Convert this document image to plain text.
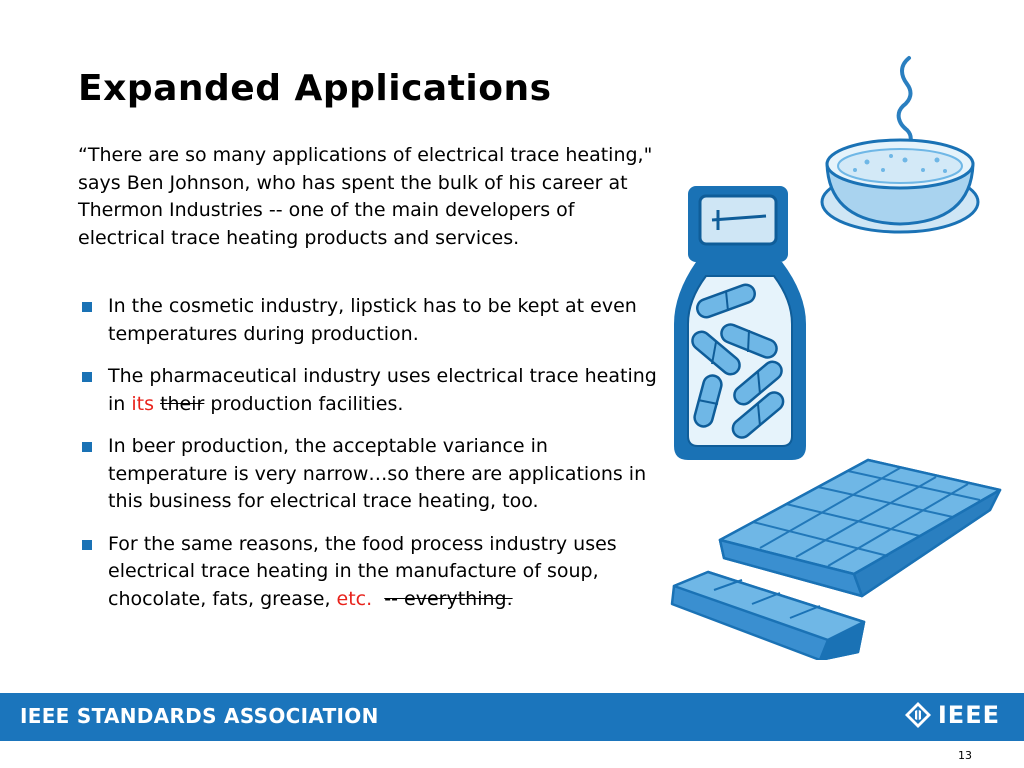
Expanded Applications

“There are so many applications of electrical trace heating," says Ben Johnson, who has spent the bulk of his career at Thermon Industries -- one of the main developers of electrical trace heating products and services.

In the cosmetic industry, lipstick has to be kept at even temperatures during production.
The pharmaceutical industry uses electrical trace heating in its their production facilities.
In beer production, the acceptable variance in temperature is very narrow…so there are applications in this business for electrical trace heating, too.
For the same reasons, the food process industry uses electrical trace heating in the manufacture of soup, chocolate, fats, grease, etc. -- everything.
IEEE STANDARDS ASSOCIATION	IEEE
13
